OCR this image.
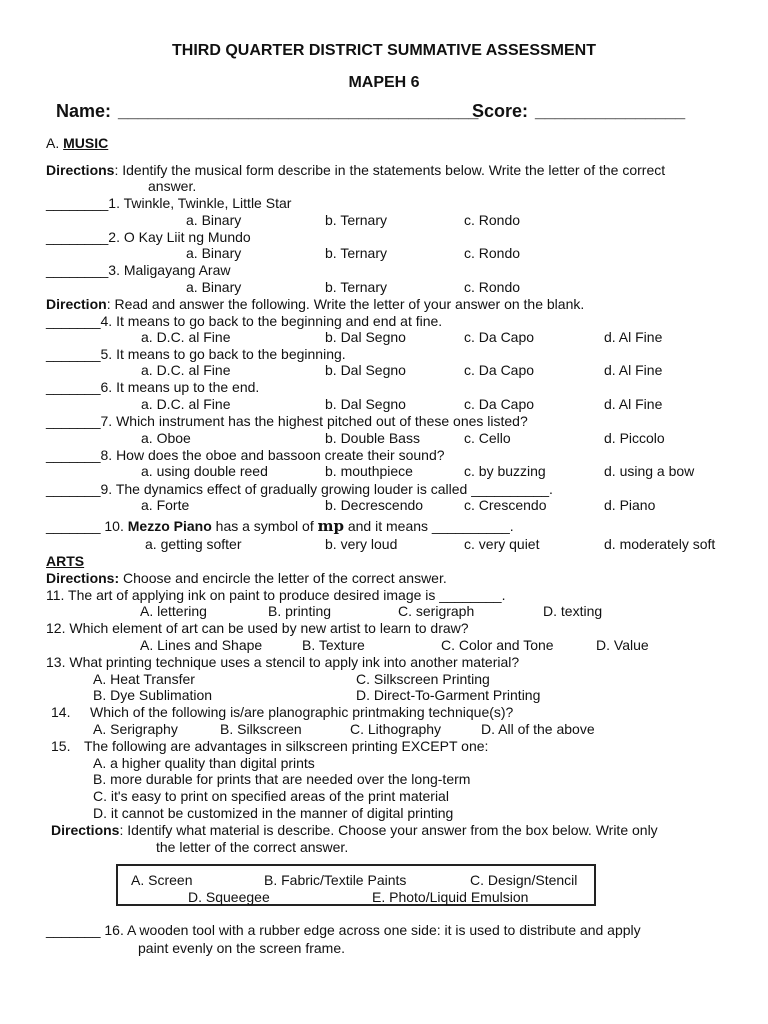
THIRD QUARTER DISTRICT SUMMATIVE ASSESSMENT
MAPEH 6
Name: ____________________________________
Score: _______________
A. MUSIC
Directions: Identify the musical form describe in the statements below. Write the letter of the correct
answer.
________1. Twinkle, Twinkle, Little Star
a. Binary	b. Ternary	c. Rondo
________2. O Kay Liit ng Mundo
a. Binary	b. Ternary	c. Rondo
________3. Maligayang Araw
a. Binary	b. Ternary	c. Rondo
Direction: Read and answer the following. Write the letter of your answer on the blank.
_______4. It means to go back to the beginning and end at fine.
a. D.C. al Fine	b. Dal Segno	c. Da Capo	d. Al Fine
_______5. It means to go back to the beginning.
a. D.C. al Fine	b. Dal Segno	c. Da Capo	d. Al Fine
_______6. It means up to the end.
a. D.C. al Fine	b. Dal Segno	c. Da Capo	d. Al Fine
_______7. Which instrument has the highest pitched out of these ones listed?
a. Oboe	b. Double Bass	c. Cello	d. Piccolo
_______8. How does the oboe and bassoon create their sound?
a. using double reed	b. mouthpiece	c. by buzzing	d. using a bow
_______9. The dynamics effect of gradually growing louder is called __________.
a. Forte	b. Decrescendo	c. Crescendo	d. Piano
_______ 10. Mezzo Piano has a symbol of mp and it means __________.
a. getting softer	b. very loud	c. very quiet	d. moderately soft
ARTS
Directions: Choose and encircle the letter of the correct answer.
11. The art of applying ink on paint to produce desired image is ________.
A. lettering	B. printing	C. serigraph	D. texting
12. Which element of art can be used by new artist to learn to draw?
A. Lines and Shape	B. Texture	C. Color and Tone	D. Value
13. What printing technique uses a stencil to apply ink into another material?
A. Heat Transfer	C. Silkscreen Printing
B. Dye Sublimation	D. Direct-To-Garment Printing
14. Which of the following is/are planographic printmaking technique(s)?
A. Serigraphy	B. Silkscreen	C. Lithography	D. All of the above
15. The following are advantages in silkscreen printing EXCEPT one:
A. a higher quality than digital prints
B. more durable for prints that are needed over the long-term
C. it's easy to print on specified areas of the print material
D. it cannot be customized in the manner of digital printing
Directions: Identify what material is describe. Choose your answer from the box below. Write only
the letter of the correct answer.
A. Screen	B. Fabric/Textile Paints	C. Design/Stencil
D. Squeegee	E. Photo/Liquid Emulsion
_______ 16. A wooden tool with a rubber edge across one side: it is used to distribute and apply
paint evenly on the screen frame.
